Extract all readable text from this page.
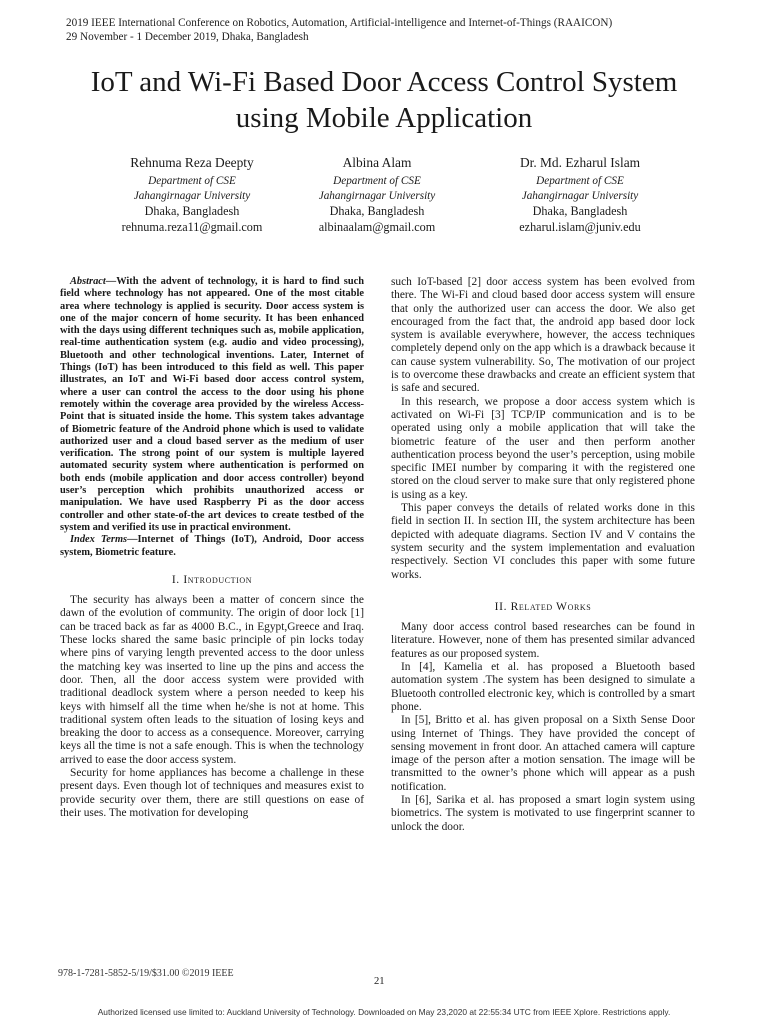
2019 IEEE International Conference on Robotics, Automation, Artificial-intelligence and Internet-of-Things (RAAICON)
29 November - 1 December 2019, Dhaka, Bangladesh
IoT and Wi-Fi Based Door Access Control System
using Mobile Application
Rehnuma Reza Deepty
Department of CSE
Jahangirnagar University
Dhaka, Bangladesh
rehnuma.reza11@gmail.com
Albina Alam
Department of CSE
Jahangirnagar University
Dhaka, Bangladesh
albinaalam@gmail.com
Dr. Md. Ezharul Islam
Department of CSE
Jahangirnagar University
Dhaka, Bangladesh
ezharul.islam@juniv.edu

Abstract—With the advent of technology, it is hard to find such field where technology has not appeared. One of the most citable area where technology is applied is security. Door access system is one of the major concern of home security. It has been enhanced with the days using different techniques such as, mobile application, real-time authentication system (e.g. audio and video processing), Bluetooth and other technological inventions. Later, Internet of Things (IoT) has been introduced to this field as well. This paper illustrates, an IoT and Wi-Fi based door access control system, where a user can control the access to the door using his phone remotely within the coverage area provided by the wireless Access-Point that is situated inside the home. This system takes advantage of Biometric feature of the Android phone which is used to validate authorized user and a cloud based server as the medium of user verification. The strong point of our system is multiple layered automated security system where authentication is performed on both ends (mobile application and door access controller) beyond user’s perception which prohibits unauthorized access or manipulation. We have used Raspberry Pi as the door access controller and other state-of-the art devices to create testbed of the system and verified its use in practical environment.

Index Terms—Internet of Things (IoT), Android, Door access system, Biometric feature.

I. Introduction

The security has always been a matter of concern since the dawn of the evolution of community. The origin of door lock [1] can be traced back as far as 4000 B.C., in Egypt,Greece and Iraq. These locks shared the same basic principle of pin locks today where pins of varying length prevented access to the door unless the matching key was inserted to line up the pins and access the door. Then, all the door access system were provided with traditional deadlock system where a person needed to keep his keys with himself all the time when he/she is not at home. This traditional system often leads to the situation of losing keys and breaking the door to access as a consequence. Moreover, carrying keys all the time is not a safe enough. This is when the technology arrived to ease the door access system.

Security for home appliances has become a challenge in these present days. Even though lot of techniques and measures exist to provide security over them, there are still questions on ease of their uses. The motivation for developing

such IoT-based [2] door access system has been evolved from there. The Wi-Fi and cloud based door access system will ensure that only the authorized user can access the door. We also get encouraged from the fact that, the android app based door lock system is available everywhere, however, the access techniques completely depend only on the app which is a drawback because it can cause system vulnerability. So, The motivation of our project is to overcome these drawbacks and create an efficient system that is safe and secured.

In this research, we propose a door access system which is activated on Wi-Fi [3] TCP/IP communication and is to be operated using only a mobile application that will take the biometric feature of the user and then perform another authentication process beyond the user’s perception, using mobile specific IMEI number by comparing it with the registered one stored on the cloud server to make sure that only registered phone is using as a key.

This paper conveys the details of related works done in this field in section II. In section III, the system architecture has been depicted with adequate diagrams. Section IV and V contains the system security and the system implementation and evaluation respectively. Section VI concludes this paper with some future works.

II. Related Works

Many door access control based researches can be found in literature. However, none of them has presented similar advanced features as our proposed system.

In [4], Kamelia et al. has proposed a Bluetooth based automation system .The system has been designed to simulate a Bluetooth controlled electronic key, which is controlled by a smart phone.

In [5], Britto et al. has given proposal on a Sixth Sense Door using Internet of Things. They have provided the concept of sensing movement in front door. An attached camera will capture image of the person after a motion sensation. The image will be transmitted to the owner’s phone which will appear as a push notification.

In [6], Sarika et al. has proposed a smart login system using biometrics. The system is motivated to use fingerprint scanner to unlock the door.

978-1-7281-5852-5/19/$31.00 ©2019 IEEE
21
Authorized licensed use limited to: Auckland University of Technology. Downloaded on May 23,2020 at 22:55:34 UTC from IEEE Xplore. Restrictions apply.
